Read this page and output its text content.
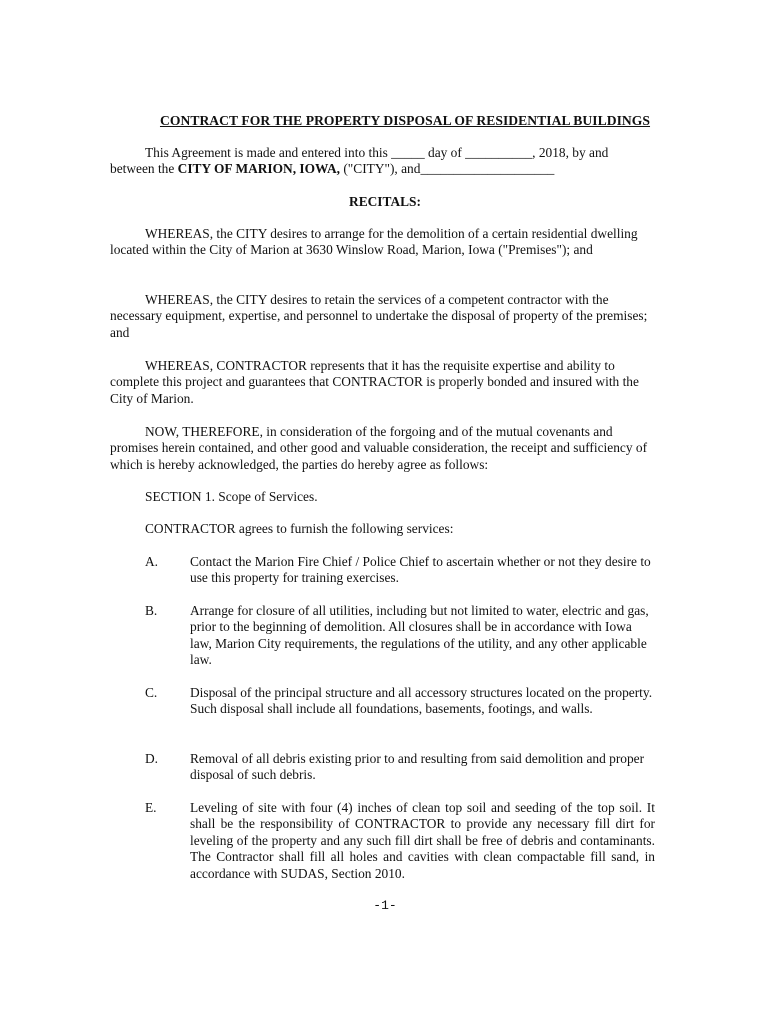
CONTRACT FOR THE PROPERTY DISPOSAL OF RESIDENTIAL BUILDINGS
This Agreement is made and entered into this _____ day of __________, 2018, by and between the CITY OF MARION, IOWA, ("CITY"), and____________________
RECITALS:
WHEREAS, the CITY desires to arrange for the demolition of a certain residential dwelling located within the City of Marion at 3630 Winslow Road, Marion, Iowa ("Premises"); and
WHEREAS, the CITY desires to retain the services of a competent contractor with the necessary equipment, expertise, and personnel to undertake the disposal of property of the premises; and
WHEREAS, CONTRACTOR represents that it has the requisite expertise and ability to complete this project and guarantees that CONTRACTOR is properly bonded and insured with the City of Marion.
NOW, THEREFORE, in consideration of the forgoing and of the mutual covenants and promises herein contained, and other good and valuable consideration, the receipt and sufficiency of which is hereby acknowledged, the parties do hereby agree as follows:
SECTION 1. Scope of Services.
CONTRACTOR agrees to furnish the following services:
A.	Contact the Marion Fire Chief / Police Chief to ascertain whether or not they desire to use this property for training exercises.
B.	Arrange for closure of all utilities, including but not limited to water, electric and gas, prior to the beginning of demolition. All closures shall be in accordance with Iowa law, Marion City requirements, the regulations of the utility, and any other applicable law.
C.	Disposal of the principal structure and all accessory structures located on the property. Such disposal shall include all foundations, basements, footings, and walls.
D.	Removal of all debris existing prior to and resulting from said demolition and proper disposal of such debris.
E.	Leveling of site with four (4) inches of clean top soil and seeding of the top soil. It shall be the responsibility of CONTRACTOR to provide any necessary fill dirt for leveling of the property and any such fill dirt shall be free of debris and contaminants. The Contractor shall fill all holes and cavities with clean compactable fill sand, in accordance with SUDAS, Section 2010.
-1-
